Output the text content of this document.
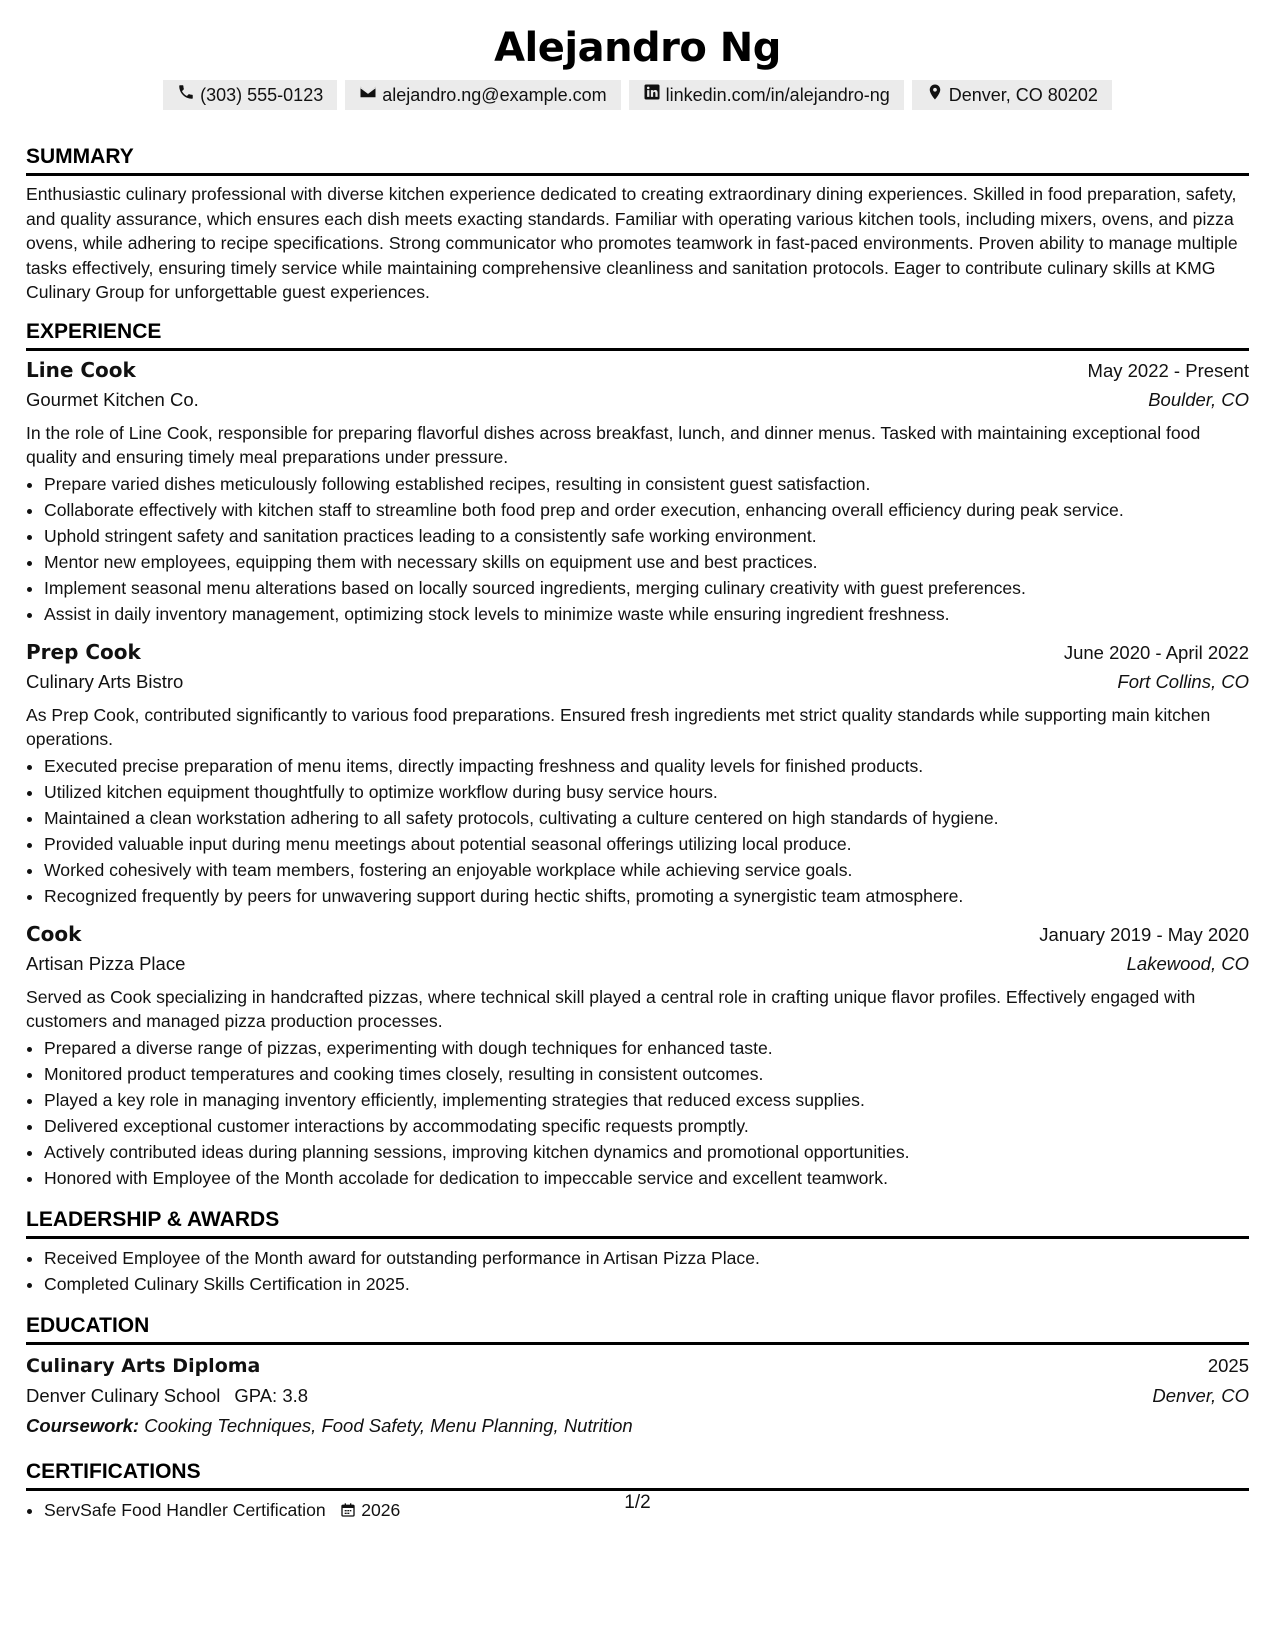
Alejandro Ng
(303) 555-0123	alejandro.ng@example.com	linkedin.com/in/alejandro-ng	Denver, CO 80202
SUMMARY
Enthusiastic culinary professional with diverse kitchen experience dedicated to creating extraordinary dining experiences. Skilled in food preparation, safety, and quality assurance, which ensures each dish meets exacting standards. Familiar with operating various kitchen tools, including mixers, ovens, and pizza ovens, while adhering to recipe specifications. Strong communicator who promotes teamwork in fast-paced environments. Proven ability to manage multiple tasks effectively, ensuring timely service while maintaining comprehensive cleanliness and sanitation protocols. Eager to contribute culinary skills at KMG Culinary Group for unforgettable guest experiences.
EXPERIENCE
Line Cook	May 2022 - Present
Gourmet Kitchen Co.	Boulder, CO
In the role of Line Cook, responsible for preparing flavorful dishes across breakfast, lunch, and dinner menus. Tasked with maintaining exceptional food quality and ensuring timely meal preparations under pressure.
• Prepare varied dishes meticulously following established recipes, resulting in consistent guest satisfaction.
• Collaborate effectively with kitchen staff to streamline both food prep and order execution, enhancing overall efficiency during peak service.
• Uphold stringent safety and sanitation practices leading to a consistently safe working environment.
• Mentor new employees, equipping them with necessary skills on equipment use and best practices.
• Implement seasonal menu alterations based on locally sourced ingredients, merging culinary creativity with guest preferences.
• Assist in daily inventory management, optimizing stock levels to minimize waste while ensuring ingredient freshness.
Prep Cook	June 2020 - April 2022
Culinary Arts Bistro	Fort Collins, CO
As Prep Cook, contributed significantly to various food preparations. Ensured fresh ingredients met strict quality standards while supporting main kitchen operations.
• Executed precise preparation of menu items, directly impacting freshness and quality levels for finished products.
• Utilized kitchen equipment thoughtfully to optimize workflow during busy service hours.
• Maintained a clean workstation adhering to all safety protocols, cultivating a culture centered on high standards of hygiene.
• Provided valuable input during menu meetings about potential seasonal offerings utilizing local produce.
• Worked cohesively with team members, fostering an enjoyable workplace while achieving service goals.
• Recognized frequently by peers for unwavering support during hectic shifts, promoting a synergistic team atmosphere.
Cook	January 2019 - May 2020
Artisan Pizza Place	Lakewood, CO
Served as Cook specializing in handcrafted pizzas, where technical skill played a central role in crafting unique flavor profiles. Effectively engaged with customers and managed pizza production processes.
• Prepared a diverse range of pizzas, experimenting with dough techniques for enhanced taste.
• Monitored product temperatures and cooking times closely, resulting in consistent outcomes.
• Played a key role in managing inventory efficiently, implementing strategies that reduced excess supplies.
• Delivered exceptional customer interactions by accommodating specific requests promptly.
• Actively contributed ideas during planning sessions, improving kitchen dynamics and promotional opportunities.
• Honored with Employee of the Month accolade for dedication to impeccable service and excellent teamwork.
LEADERSHIP & AWARDS
• Received Employee of the Month award for outstanding performance in Artisan Pizza Place.
• Completed Culinary Skills Certification in 2025.
EDUCATION
Culinary Arts Diploma	2025
Denver Culinary School GPA: 3.8	Denver, CO
Coursework: Cooking Techniques, Food Safety, Menu Planning, Nutrition
CERTIFICATIONS
• ServSafe Food Handler Certification 2026	1/2
